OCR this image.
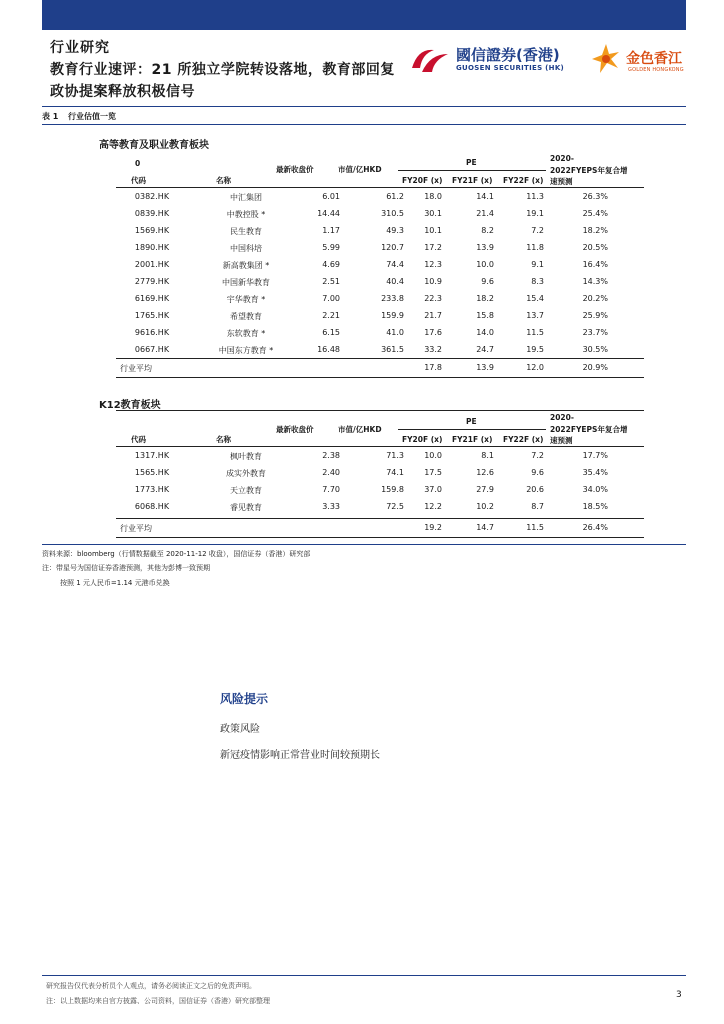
行业研究
教育行业速评：21 所独立学院转设落地，教育部回复政协提案释放积极信号
國信證券(香港)
GUOSEN SECURITIES (HK)
金色香江
GOLDEN HONGKONG
表 1 行业估值一览
高等教育及职业教育板块
0
代码	名称
最新收盘价	市值/亿HKD
PE
FY20F (x) FY21F (x) FY22F (x)
2020-
2022FYEPS年复合增
速预测
0382.HK	中汇集团	6.01	61.2	18.0	14.1	11.3	26.3%
0839.HK	中教控股 *	14.44	310.5	30.1	21.4	19.1	25.4%
1569.HK	民生教育	1.17	49.3	10.1	8.2	7.2	18.2%
1890.HK	中国科培	5.99	120.7	17.2	13.9	11.8	20.5%
2001.HK	新高教集团 *	4.69	74.4	12.3	10.0	9.1	16.4%
2779.HK	中国新华教育	2.51	40.4	10.9	9.6	8.3	14.3%
6169.HK	宇华教育 *	7.00	233.8	22.3	18.2	15.4	20.2%
1765.HK	希望教育	2.21	159.9	21.7	15.8	13.7	25.9%
9616.HK	东软教育 *	6.15	41.0	17.6	14.0	11.5	23.7%
0667.HK	中国东方教育 *	16.48	361.5	33.2	24.7	19.5	30.5%
行业平均	17.8	13.9	12.0	20.9%
K12教育板块
代码	名称
最新收盘价	市值/亿HKD
PE
FY20F (x) FY21F (x) FY22F (x)
2020-
2022FYEPS年复合增
速预测
1317.HK	枫叶教育	2.38	71.3	10.0	8.1	7.2	17.7%
1565.HK	成实外教育	2.40	74.1	17.5	12.6	9.6	35.4%
1773.HK	天立教育	7.70	159.8	37.0	27.9	20.6	34.0%
6068.HK	睿见教育	3.33	72.5	12.2	10.2	8.7	18.5%
行业平均	19.2	14.7	11.5	26.4%
资料来源：bloomberg（行情数据截至 2020-11-12 收盘），国信证券（香港）研究部
注：带星号为国信证券香港预测，其他为彭博一致预期
按照 1 元人民币=1.14 元港币兑换
风险提示
政策风险
新冠疫情影响正常营业时间较预期长
研究报告仅代表分析员个人观点，请务必阅读正文之后的免责声明。
注：以上数据均来自官方披露、公司资料，国信证券（香港）研究部整理
3
